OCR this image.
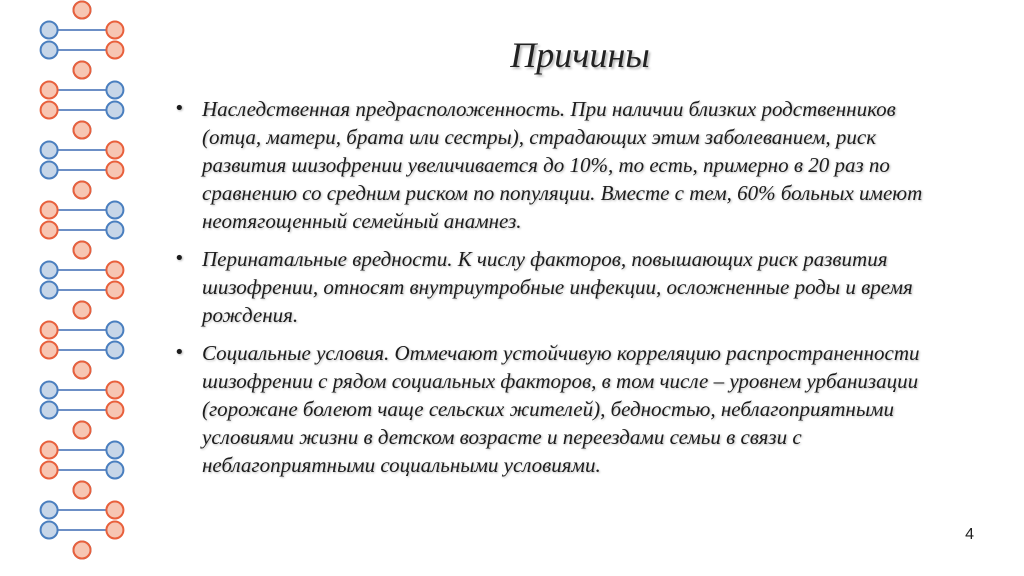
Причины
• Наследственная предрасположенность. При наличии близких родственников (отца, матери, брата или сестры), страдающих этим заболеванием, риск развития шизофрении увеличивается до 10%, то есть, примерно в 20 раз по сравнению со средним риском по популяции. Вместе с тем, 60% больных имеют неотягощенный семейный анамнез.
• Перинатальные вредности. К числу факторов, повышающих риск развития шизофрении, относят внутриутробные инфекции, осложненные роды и время рождения.
• Социальные условия. Отмечают устойчивую корреляцию распространенности шизофрении с рядом социальных факторов, в том числе – уровнем урбанизации (горожане болеют чаще сельских жителей), бедностью, неблагоприятными условиями жизни в детском возрасте и переездами семьи в связи с неблагоприятными социальными условиями.
4
